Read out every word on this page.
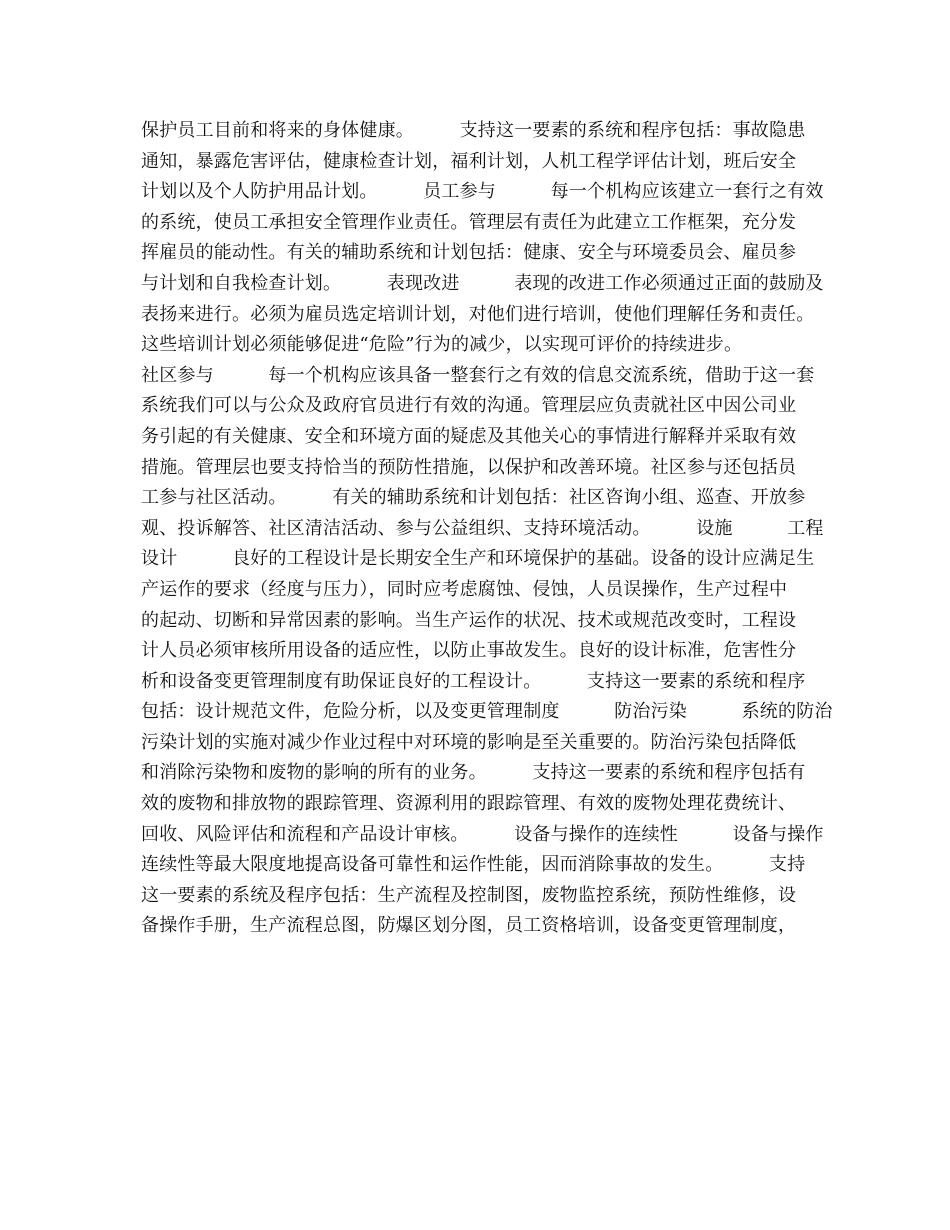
保护员工目前和将来的身体健康。　　　支持这一要素的系统和程序包括：事故隐患
通知，暴露危害评估，健康检查计划，福利计划，人机工程学评估计划，班后安全
计划以及个人防护用品计划。　　　员工参与　　　每一个机构应该建立一套行之有效
的系统，使员工承担安全管理作业责任。管理层有责任为此建立工作框架，充分发
挥雇员的能动性。有关的辅助系统和计划包括：健康、安全与环境委员会、雇员参
与计划和自我检查计划。　　　表现改进　　　表现的改进工作必须通过正面的鼓励及
表扬来进行。必须为雇员选定培训计划，对他们进行培训，使他们理解任务和责任。
这些培训计划必须能够促进“危险”行为的减少，以实现可评价的持续进步。
社区参与　　　每一个机构应该具备一整套行之有效的信息交流系统，借助于这一套
系统我们可以与公众及政府官员进行有效的沟通。管理层应负责就社区中因公司业
务引起的有关健康、安全和环境方面的疑虑及其他关心的事情进行解释并采取有效
措施。管理层也要支持恰当的预防性措施，以保护和改善环境。社区参与还包括员
工参与社区活动。　　　有关的辅助系统和计划包括：社区咨询小组、巡查、开放参
观、投诉解答、社区清洁活动、参与公益组织、支持环境活动。　　　设施　　　工程
设计　　　良好的工程设计是长期安全生产和环境保护的基础。设备的设计应满足生
产运作的要求（经度与压力），同时应考虑腐蚀、侵蚀，人员误操作，生产过程中
的起动、切断和异常因素的影响。当生产运作的状况、技术或规范改变时，工程设
计人员必须审核所用设备的适应性，以防止事故发生。良好的设计标准，危害性分
析和设备变更管理制度有助保证良好的工程设计。　　　支持这一要素的系统和程序
包括：设计规范文件，危险分析，以及变更管理制度　　　防治污染　　　系统的防治
污染计划的实施对减少作业过程中对环境的影响是至关重要的。防治污染包括降低
和消除污染物和废物的影响的所有的业务。　　　支持这一要素的系统和程序包括有
效的废物和排放物的跟踪管理、资源利用的跟踪管理、有效的废物处理花费统计、
回收、风险评估和流程和产品设计审核。　　　设备与操作的连续性　　　设备与操作
连续性等最大限度地提高设备可靠性和运作性能，因而消除事故的发生。　　　支持
这一要素的系统及程序包括：生产流程及控制图，废物监控系统，预防性维修，设
备操作手册，生产流程总图，防爆区划分图，员工资格培训，设备变更管理制度，
